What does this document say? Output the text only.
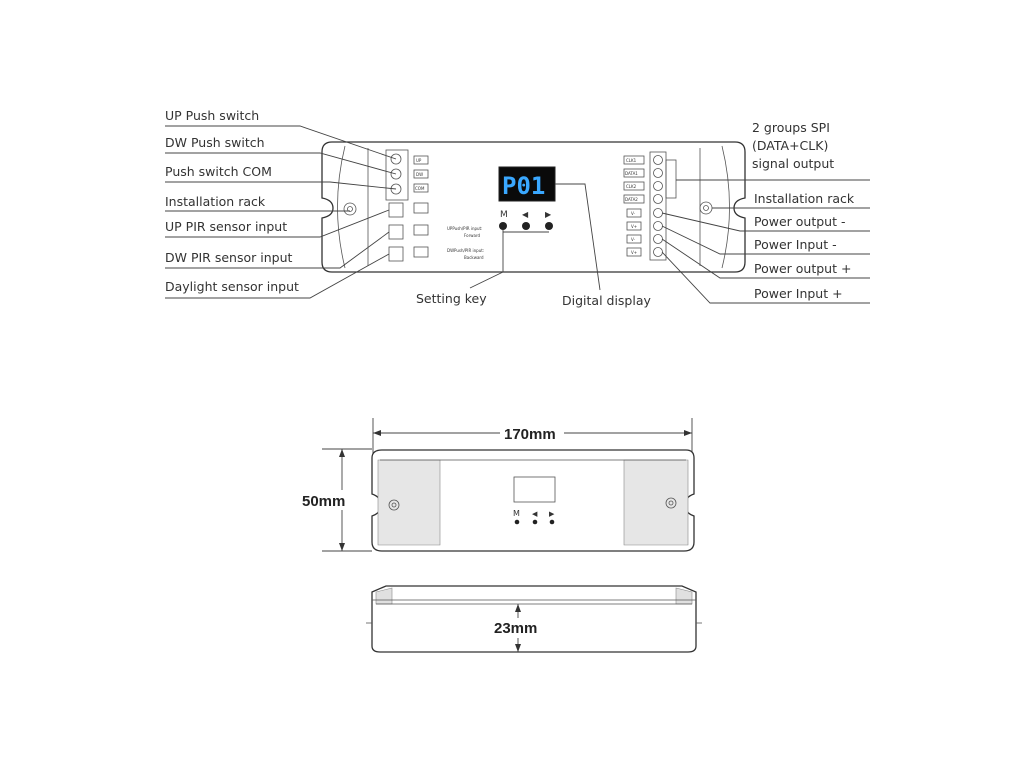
UP
DW
COM	P01
UPPush/PIR input:
Forward
DWPush/PIR input:
Backward
M ◀ ▶
CLK1
DATA1
CLK2
DATA2
V-
V+
V-
V+
UP Push switch
DW Push switch
Push switch COM
Installation rack
UP PIR sensor input
DW PIR sensor input
Daylight sensor input
2 groups SPI
(DATA+CLK)
signal output
Installation rack
Power output -
Power Input -
Power output +
Power Input +
Setting key	Digital display
170mm
50mm
M ◀ ▶
23mm
